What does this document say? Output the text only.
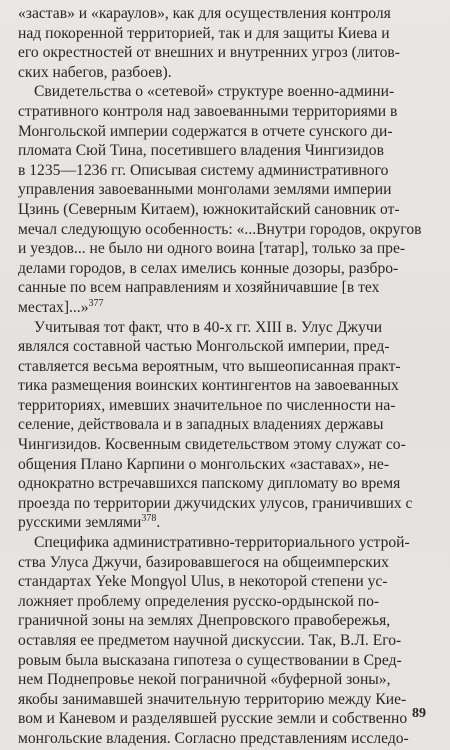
«застав» и «караулов», как для осуществления контроля
над покоренной территорией, так и для защиты Киева и
его окрестностей от внешних и внутренних угроз (литов-
ских набегов, разбоев).

Свидетельства о «сетевой» структуре военно-админи-
стративного контроля над завоеванными территориями в
Монгольской империи содержатся в отчете сунского ди-
пломата Сюй Тина, посетившего владения Чингизидов
в 1235—1236 гг. Описывая систему административного
управления завоеванными монголами землями империи
Цзинь (Северным Китаем), южнокитайский сановник от-
мечал следующую особенность: «...Внутри городов, округов
и уездов... не было ни одного воина [татар], только за пре-
делами городов, в селах имелись конные дозоры, разбро-
санные по всем направлениям и хозяйничавшие [в тех
местах]...»$^{377}$

Учитывая тот факт, что в 40-х гг. XIII в. Улус Джучи
являлся составной частью Монгольской империи, пред-
ставляется весьма вероятным, что вышеописанная практ-
тика размещения воинских контингентов на завоеванных
территориях, имевших значительное по численности на-
селение, действовала и в западных владениях державы
Чингизидов. Косвенным свидетельством этому служат со-
общения Плано Карпини о монгольских «заставах», не-
однократно встречавшихся папскому дипломату во время
проезда по территории джучидских улусов, граничивших с
русскими землями$^{378}$.

Специфика административно-территориального устрой-
ства Улуса Джучи, базировавшегося на общеимперских
стандартах Yeke Mongγol Ulus, в некоторой степени ус-
ложняет проблему определения русско-ордынской по-
граничной зоны на землях Днепровского правобережья,
оставляя ее предметом научной дискуссии. Так, В.Л. Его-
ровым была высказана гипотеза о существовании в Сред-
нем Поднепровье некой пограничной «буферной зоны»,
якобы занимавшей значительную территорию между Кие-
вом и Каневом и разделявшей русские земли и собственно
монгольские владения. Согласно представлениям исследо-

89
